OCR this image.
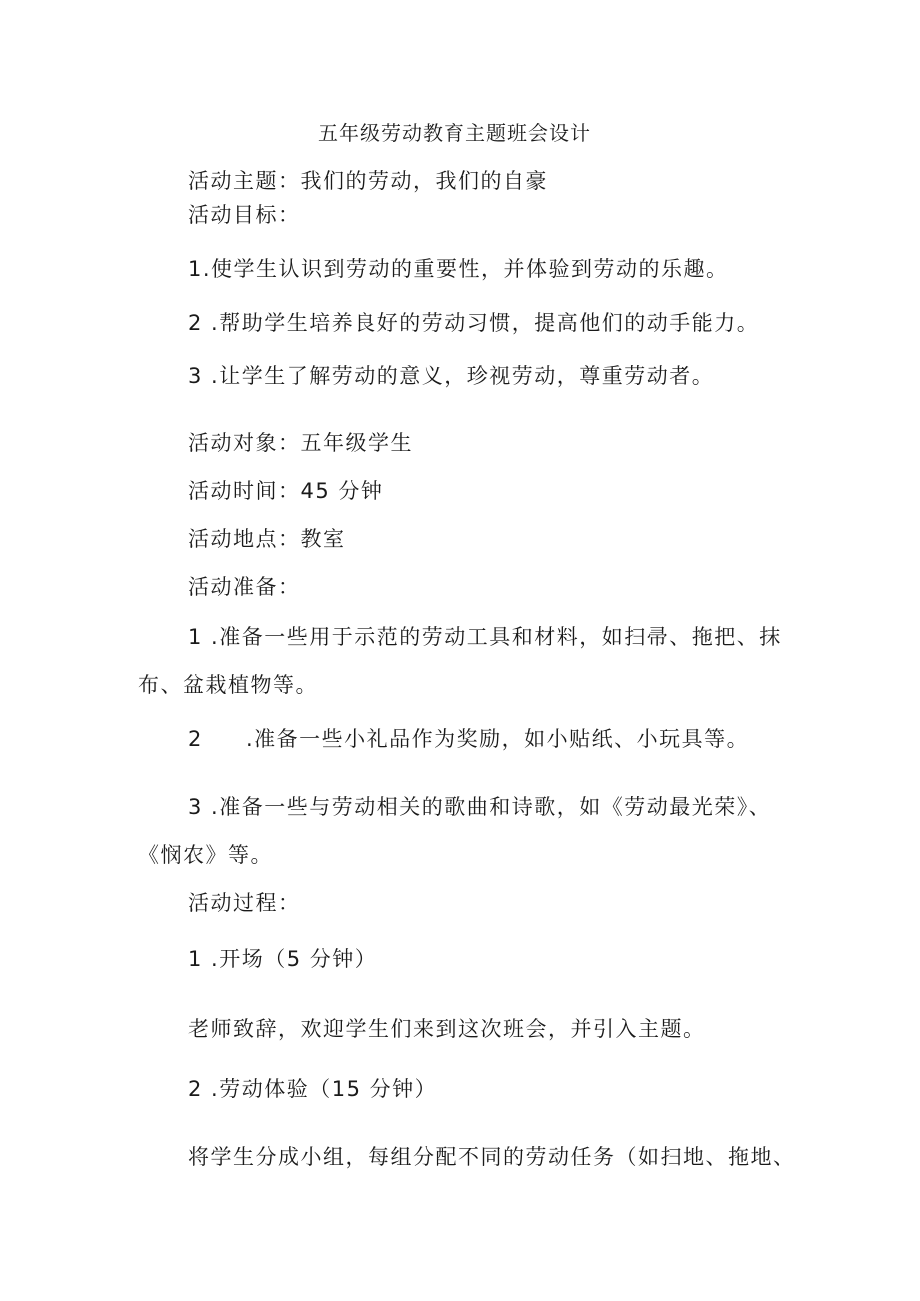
五年级劳动教育主题班会设计
活动主题：我们的劳动，我们的自豪
活动目标：
1.使学生认识到劳动的重要性，并体验到劳动的乐趣。
2 .帮助学生培养良好的劳动习惯，提高他们的动手能力。
3 .让学生了解劳动的意义，珍视劳动，尊重劳动者。
活动对象：五年级学生
活动时间：45 分钟
活动地点：教室
活动准备：
1 .准备一些用于示范的劳动工具和材料，如扫帚、拖把、抹
布、盆栽植物等。
2 .准备一些小礼品作为奖励，如小贴纸、小玩具等。
3 .准备一些与劳动相关的歌曲和诗歌，如《劳动最光荣》、
《悯农》等。
活动过程：
1 .开场（5 分钟）
老师致辞，欢迎学生们来到这次班会，并引入主题。
2 .劳动体验（15 分钟）
将学生分成小组，每组分配不同的劳动任务（如扫地、拖地、
